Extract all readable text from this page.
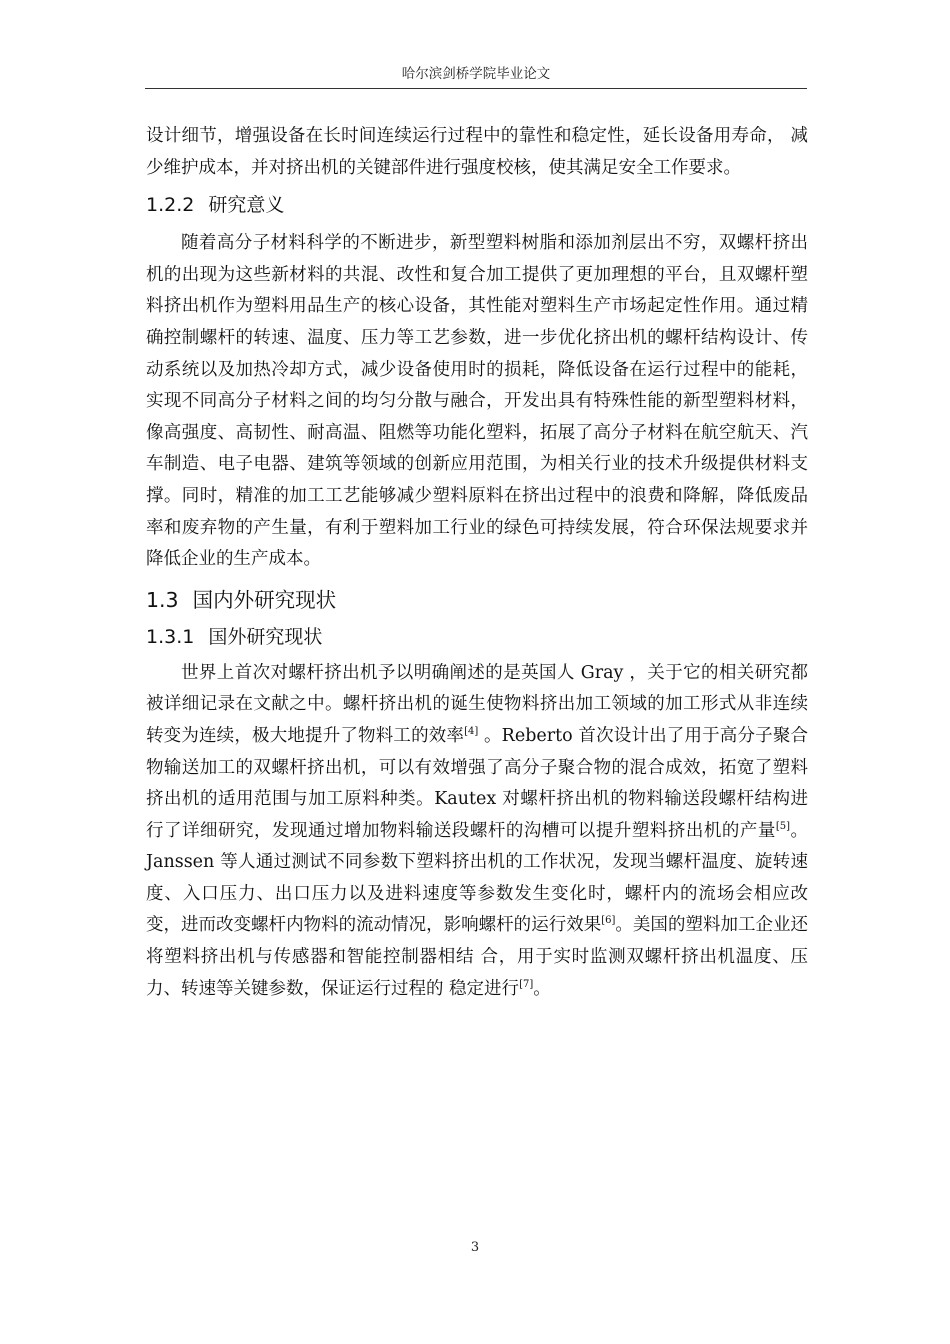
哈尔滨剑桥学院毕业论文

设计细节，增强设备在长时间连续运行过程中的靠性和稳定性，延长设备用寿命， 减少维护成本，并对挤出机的关键部件进行强度校核，使其满足安全工作要求。

1.2.2 研究意义

随着高分子材料科学的不断进步，新型塑料树脂和添加剂层出不穷，双螺杆挤出机的出现为这些新材料的共混、改性和复合加工提供了更加理想的平台，且双螺杆塑料挤出机作为塑料用品生产的核心设备，其性能对塑料生产市场起定性作用。通过精确控制螺杆的转速、温度、压力等工艺参数，进一步优化挤出机的螺杆结构设计、传动系统以及加热冷却方式，减少设备使用时的损耗，降低设备在运行过程中的能耗，实现不同高分子材料之间的均匀分散与融合，开发出具有特殊性能的新型塑料材料，像高强度、高韧性、耐高温、阻燃等功能化塑料，拓展了高分子材料在航空航天、汽车制造、电子电器、建筑等领域的创新应用范围，为相关行业的技术升级提供材料支撑。同时，精准的加工工艺能够减少塑料原料在挤出过程中的浪费和降解，降低废品率和废弃物的产生量，有利于塑料加工行业的绿色可持续发展，符合环保法规要求并降低企业的生产成本。

1.3 国内外研究现状
1.3.1 国外研究现状

世界上首次对螺杆挤出机予以明确阐述的是英国人 Gray ，关于它的相关研究都被详细记录在文献之中。螺杆挤出机的诞生使物料挤出加工领域的加工形式从非连续转变为连续，极大地提升了物料工的效率[4] 。Reberto 首次设计出了用于高分子聚合物输送加工的双螺杆挤出机，可以有效增强了高分子聚合物的混合成效，拓宽了塑料挤出机的适用范围与加工原料种类。Kautex 对螺杆挤出机的物料输送段螺杆结构进行了详细研究，发现通过增加物料输送段螺杆的沟槽可以提升塑料挤出机的产量[5]。Janssen 等人通过测试不同参数下塑料挤出机的工作状况，发现当螺杆温度、旋转速度、入口压力、出口压力以及进料速度等参数发生变化时，螺杆内的流场会相应改变，进而改变螺杆内物料的流动情况，影响螺杆的运行效果[6]。美国的塑料加工企业还将塑料挤出机与传感器和智能控制器相结 合，用于实时监测双螺杆挤出机温度、压力、转速等关键参数，保证运行过程的 稳定进行[7]。

3
